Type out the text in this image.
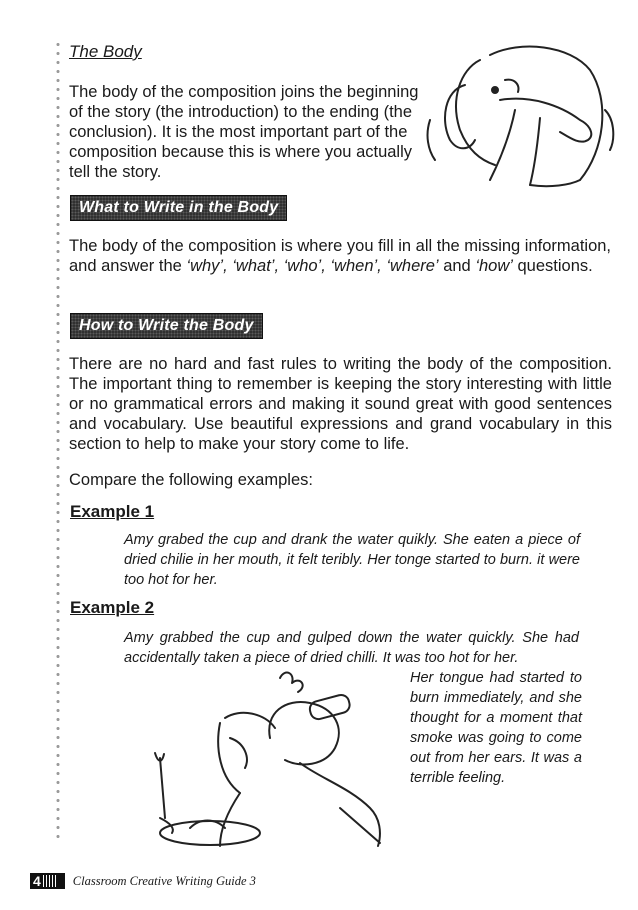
The Body

The body of the composition joins the beginning of the story (the introduction) to the ending (the conclusion). It is the most important part of the composition because this is where you actually tell the story.

What to Write in the Body

The body of the composition is where you fill in all the missing information, and answer the ‘why’, ‘what’, ‘who’, ‘when’, ‘where’ and ‘how’ questions.

How to Write the Body

There are no hard and fast rules to writing the body of the composition. The important thing to remember is keeping the story interesting with little or no grammatical errors and making it sound great with good sentences and vocabulary. Use beautiful expressions and grand vocabulary in this section to help to make your story come to life.

Compare the following examples:

Example 1

Amy grabed the cup and drank the water quikly. She eaten a piece of dried chilie in her mouth, it felt teribly. Her tonge started to burn. it were too hot for her.

Example 2

Amy grabbed the cup and gulped down the water quickly. She had accidentally taken a piece of dried chilli. It was too hot for her.

Her tongue had started to burn immediately, and she thought for a moment that smoke was going to come out from her ears. It was a terrible feeling.

4	Classroom Creative Writing Guide 3
